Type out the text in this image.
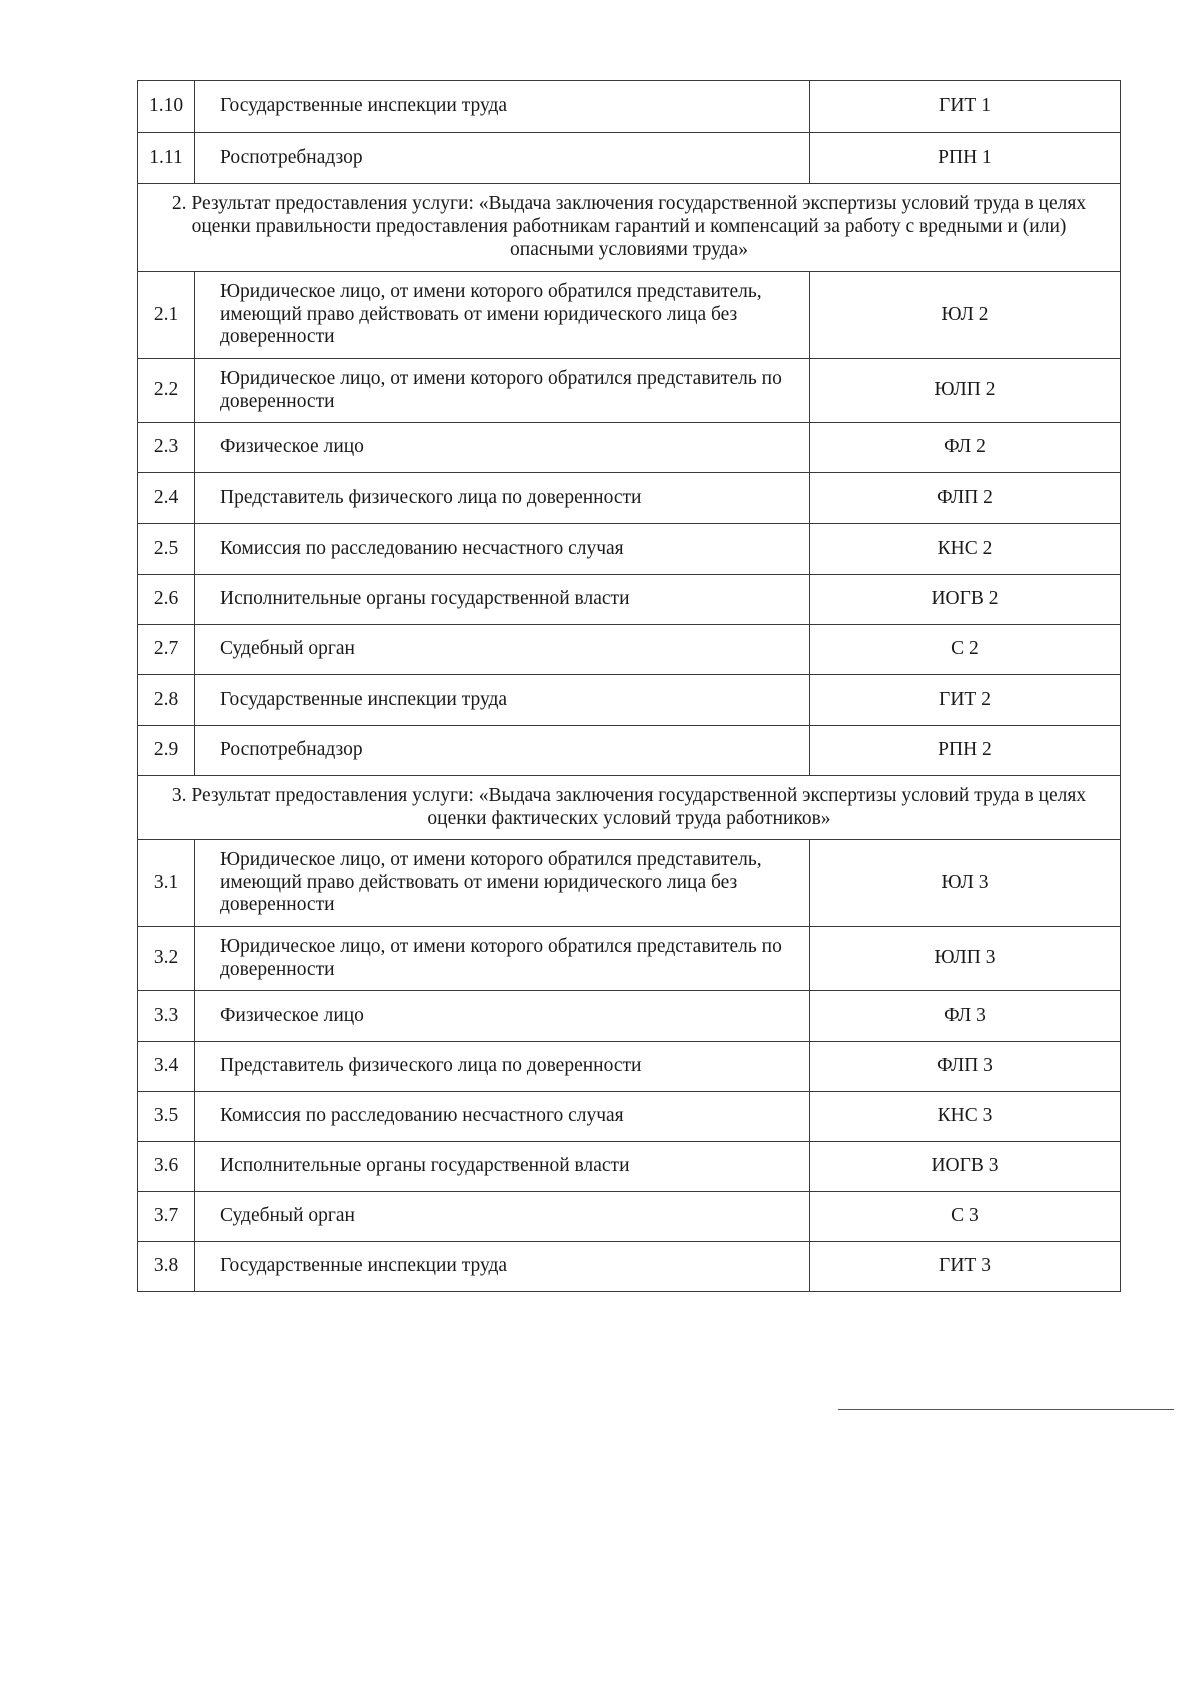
1.10	Государственные инспекции труда	ГИТ 1
1.11	Роспотребнадзор	РПН 1
2. Результат предоставления услуги: «Выдача заключения государственной экспертизы условий труда в целях оценки правильности предоставления работникам гарантий и компенсаций за работу с вредными и (или) опасными условиями труда»		
2.1	Юридическое лицо, от имени которого обратился представитель, имеющий право действовать от имени юридического лица без доверенности	ЮЛ 2
2.2	Юридическое лицо, от имени которого обратился представитель по доверенности	ЮЛП 2
2.3	Физическое лицо	ФЛ 2
2.4	Представитель физического лица по доверенности	ФЛП 2
2.5	Комиссия по расследованию несчастного случая	КНС 2
2.6	Исполнительные органы государственной власти	ИОГВ 2
2.7	Судебный орган	С 2
2.8	Государственные инспекции труда	ГИТ 2
2.9	Роспотребнадзор	РПН 2
3. Результат предоставления услуги: «Выдача заключения государственной экспертизы условий труда в целях оценки фактических условий труда работников»		
3.1	Юридическое лицо, от имени которого обратился представитель, имеющий право действовать от имени юридического лица без доверенности	ЮЛ 3
3.2	Юридическое лицо, от имени которого обратился представитель по доверенности	ЮЛП 3
3.3	Физическое лицо	ФЛ 3
3.4	Представитель физического лица по доверенности	ФЛП 3
3.5	Комиссия по расследованию несчастного случая	КНС 3
3.6	Исполнительные органы государственной власти	ИОГВ 3
3.7	Судебный орган	С 3
3.8	Государственные инспекции труда	ГИТ 3
